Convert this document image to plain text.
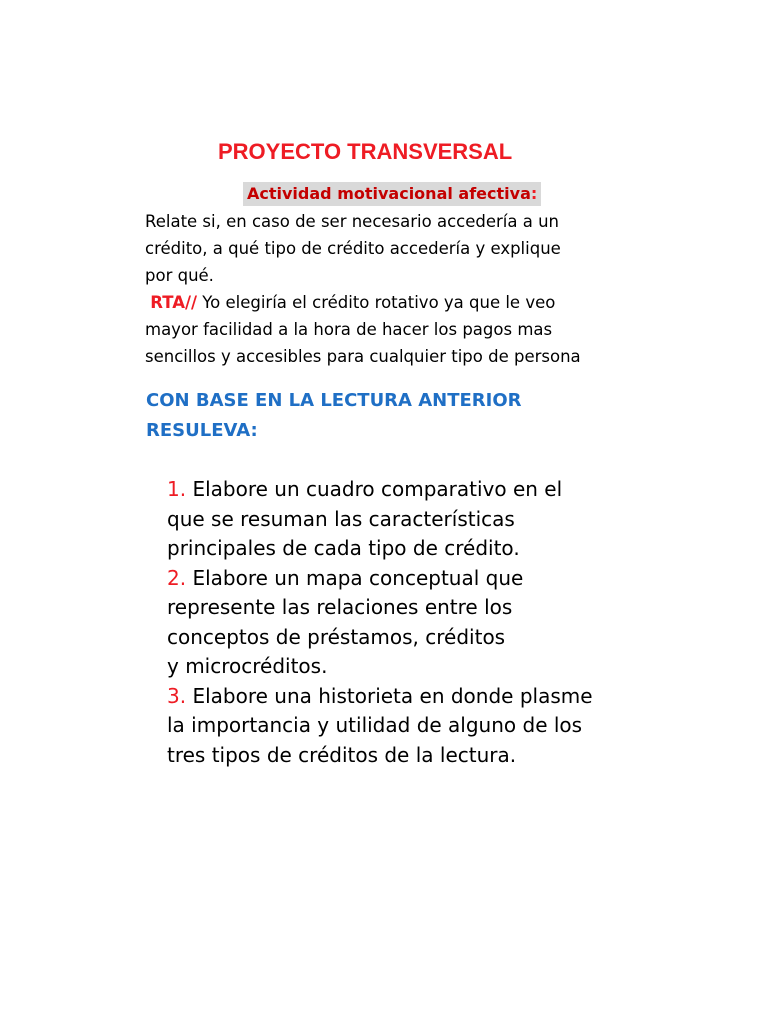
PROYECTO TRANSVERSAL
Actividad motivacional afectiva:
Relate si, en caso de ser necesario accedería a un
crédito, a qué tipo de crédito accedería y explique
por qué.
RTA// Yo elegiría el crédito rotativo ya que le veo
mayor facilidad a la hora de hacer los pagos mas
sencillos y accesibles para cualquier tipo de persona
CON BASE EN LA LECTURA ANTERIOR
RESULEVA:
1. Elabore un cuadro comparativo en el
que se resuman las características
principales de cada tipo de crédito.
2. Elabore un mapa conceptual que
represente las relaciones entre los
conceptos de préstamos, créditos
y microcréditos.
3. Elabore una historieta en donde plasme
la importancia y utilidad de alguno de los
tres tipos de créditos de la lectura.
